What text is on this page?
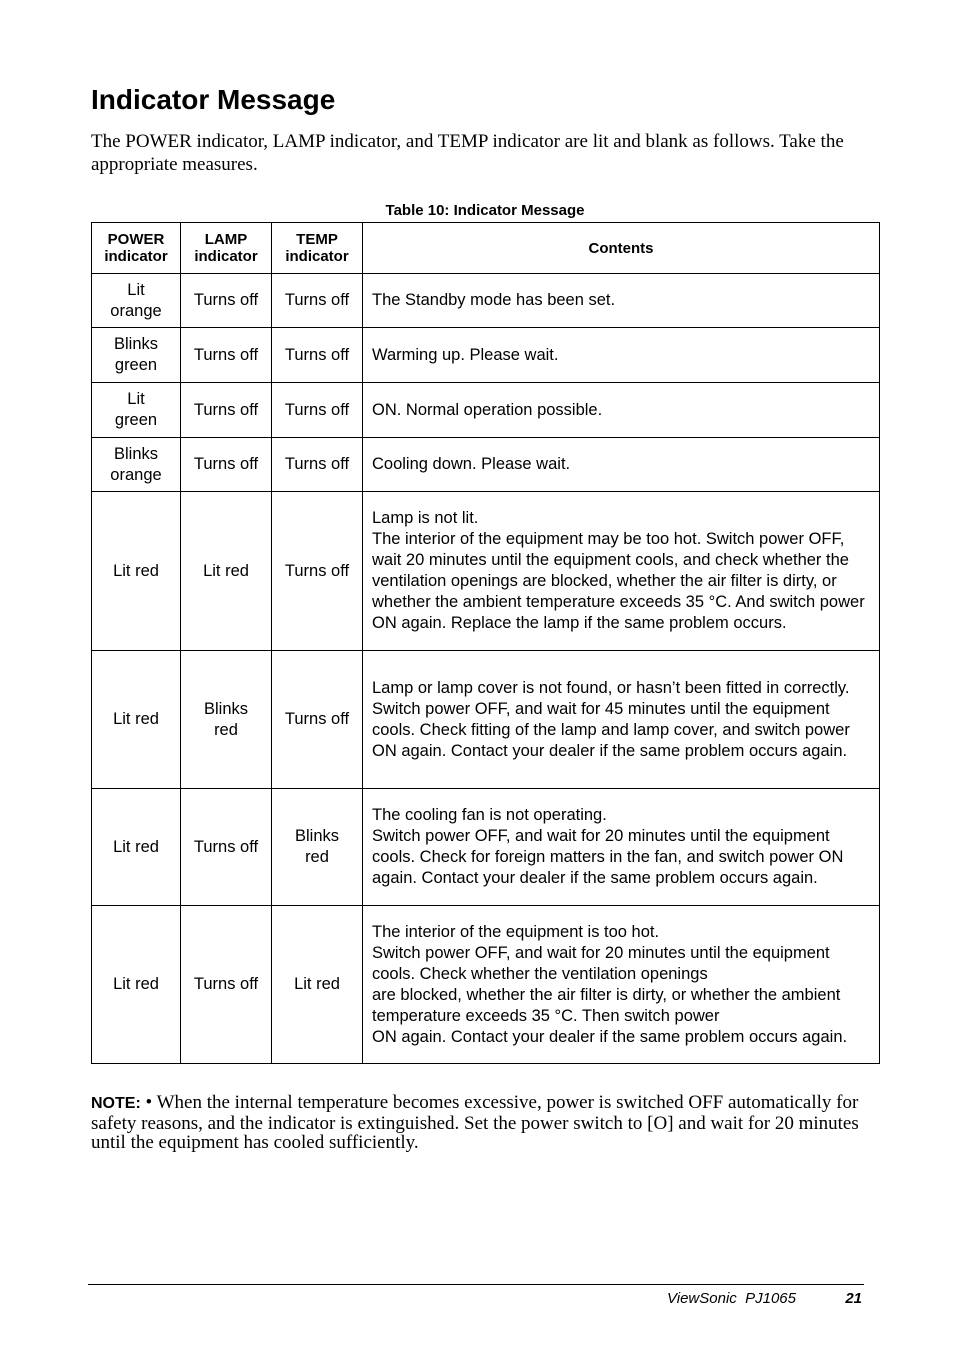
Indicator Message

The POWER indicator, LAMP indicator, and TEMP indicator are lit and blank as follows. Take the appropriate measures.

Table 10: Indicator Message
POWER
indicator	LAMP
indicator	TEMP
indicator	Contents
Lit
orange	Turns off	Turns off	The Standby mode has been set.
Blinks
green	Turns off	Turns off	Warming up. Please wait.
Lit
green	Turns off	Turns off	ON. Normal operation possible.
Blinks
orange	Turns off	Turns off	Cooling down. Please wait.
Lit red	Lit red	Turns off	Lamp is not lit.
The interior of the equipment may be too hot. Switch power OFF, wait 20 minutes until the equipment cools, and check whether the ventilation openings are blocked, whether the air filter is dirty, or whether the ambient temperature exceeds 35 °C. And switch power ON again. Replace the lamp if the same problem occurs.
Lit red	Blinks
red	Turns off	Lamp or lamp cover is not found, or hasn’t been fitted in correctly.
Switch power OFF, and wait for 45 minutes until the equipment cools. Check fitting of the lamp and lamp cover, and switch power ON again. Contact your dealer if the same problem occurs again.
Lit red	Turns off	Blinks
red	The cooling fan is not operating.
Switch power OFF, and wait for 20 minutes until the equipment cools. Check for foreign matters in the fan, and switch power ON again. Contact your dealer if the same problem occurs again.
Lit red	Turns off	Lit red	The interior of the equipment is too hot.
Switch power OFF, and wait for 20 minutes until the equipment cools. Check whether the ventilation openings
are blocked, whether the air filter is dirty, or whether the ambient temperature exceeds 35 °C. Then switch power
ON again. Contact your dealer if the same problem occurs again.

NOTE: • When the internal temperature becomes excessive, power is switched OFF automatically for safety reasons, and the indicator is extinguished. Set the power switch to [O] and wait for 20 minutes until the equipment has cooled sufficiently.

ViewSonic  PJ1065	21
